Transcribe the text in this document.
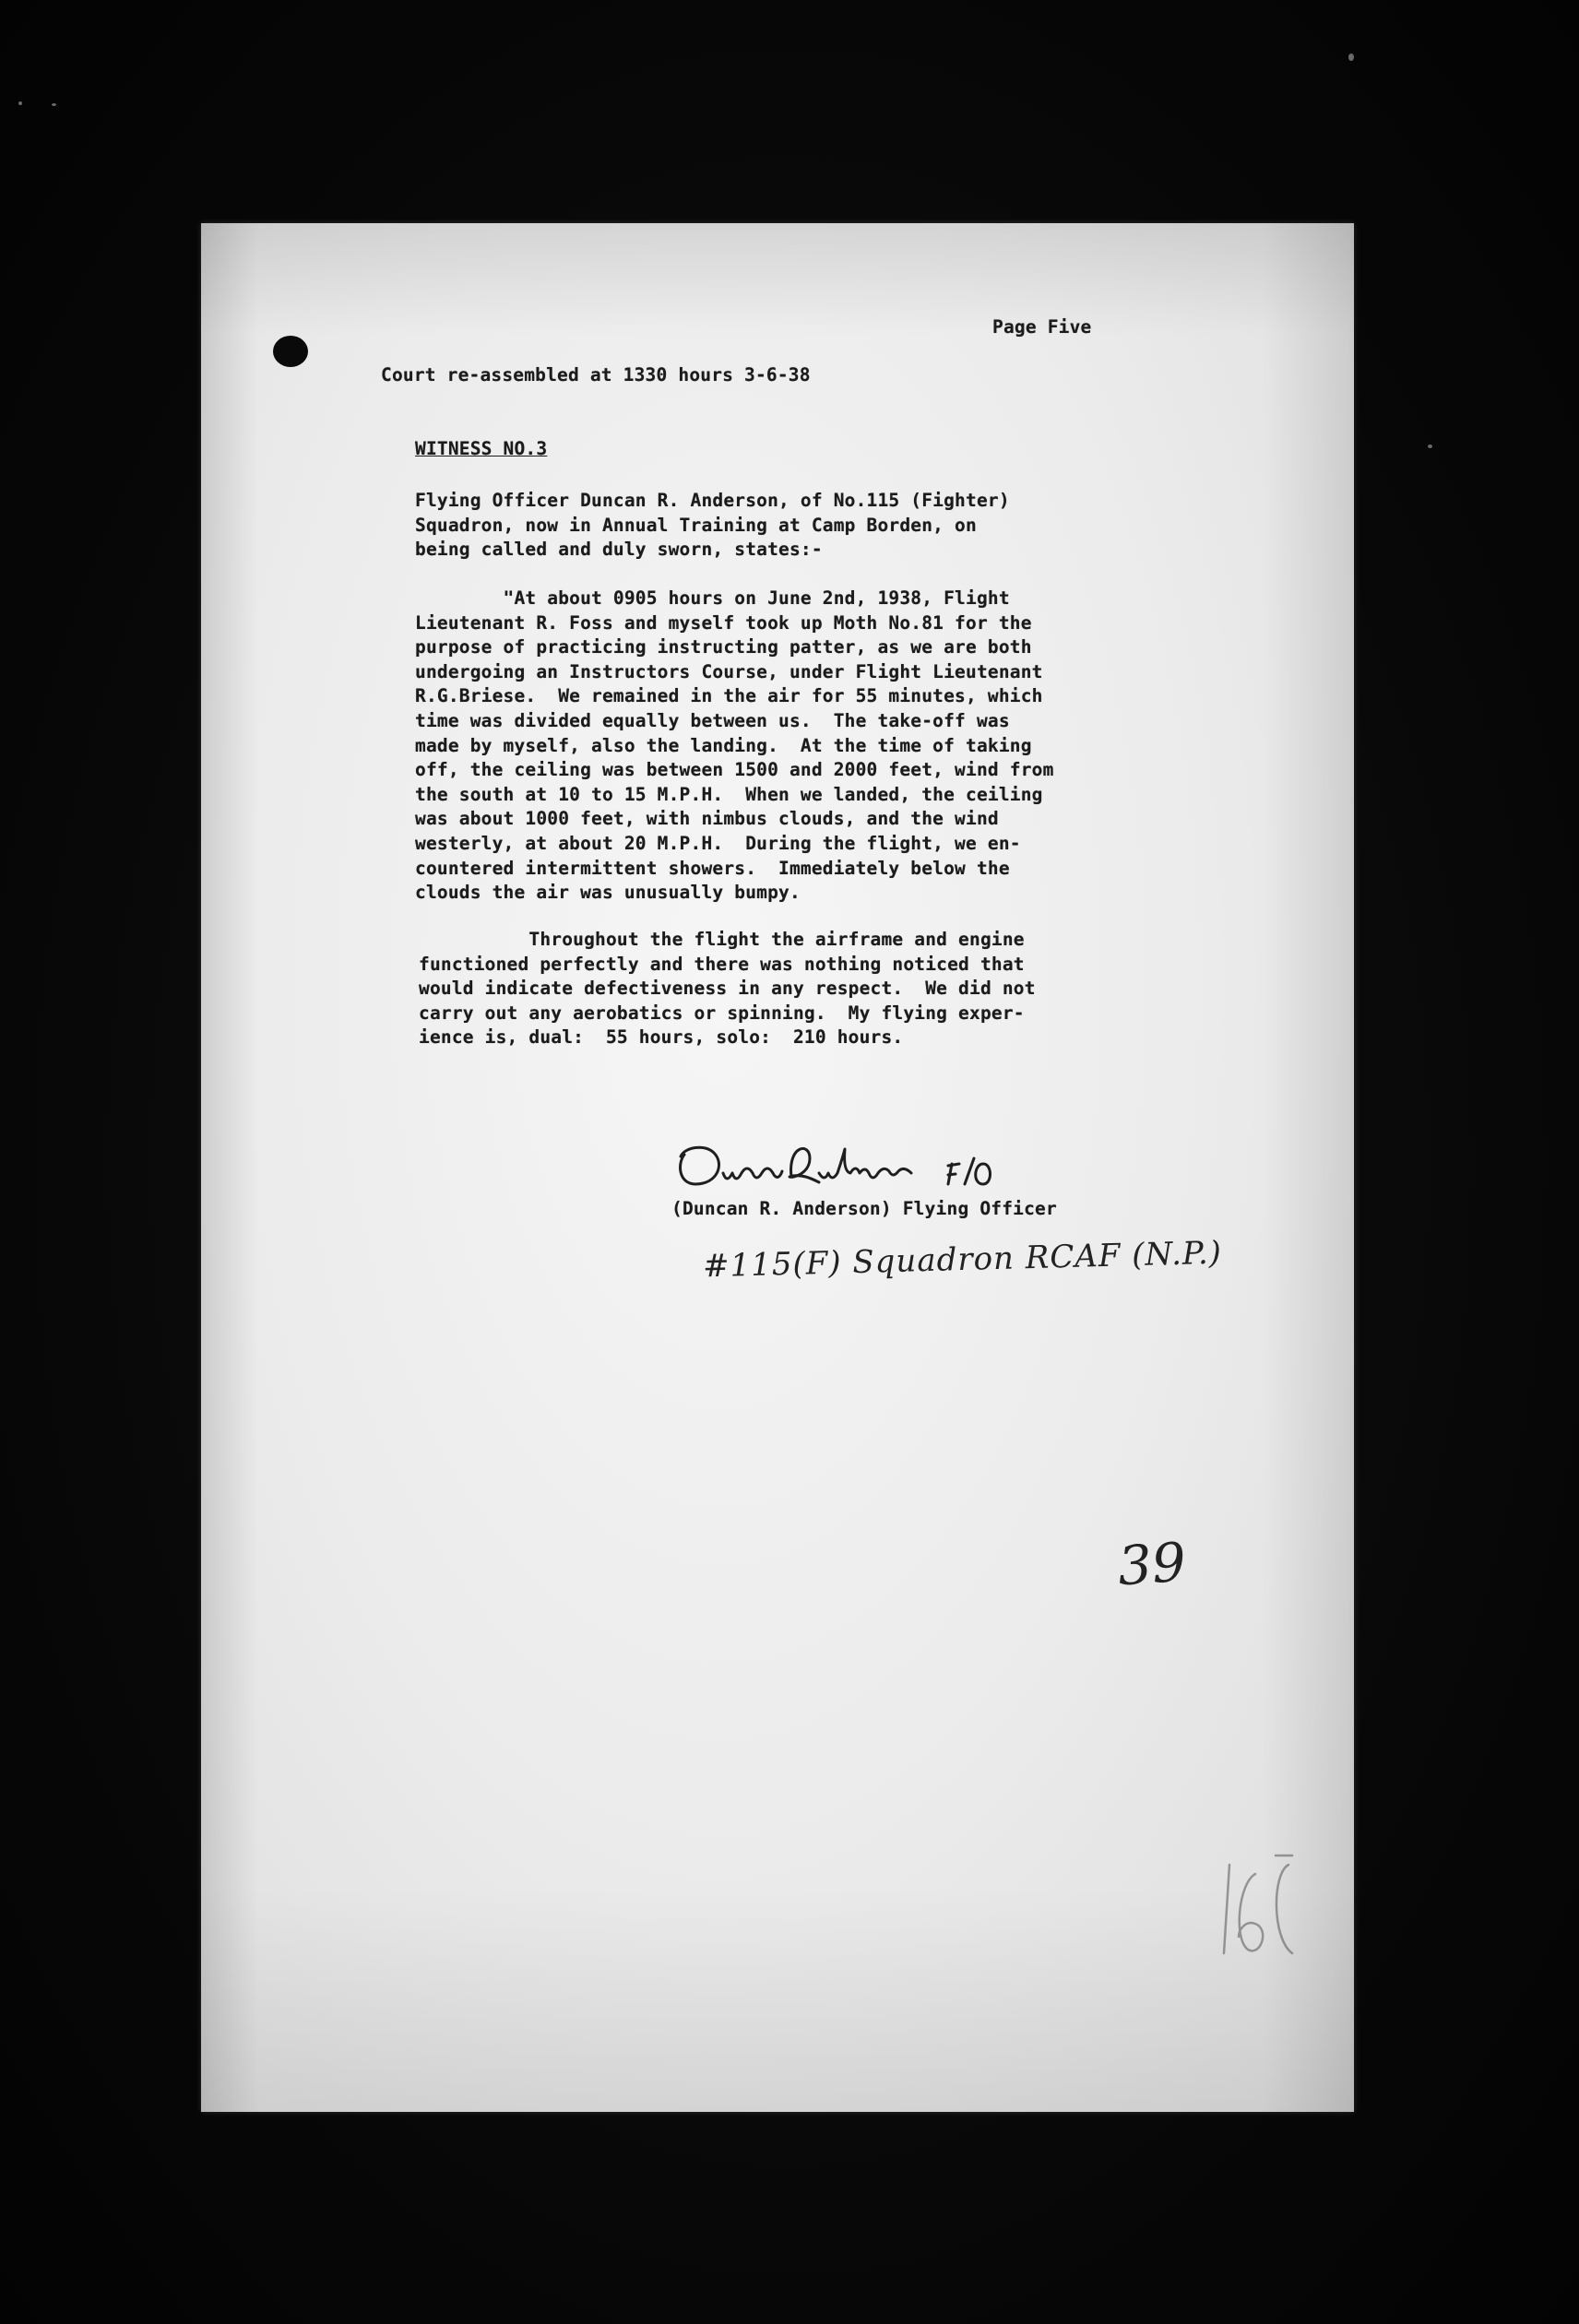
Page Five
Court re-assembled at 1330 hours 3-6-38
WITNESS NO.3
Flying Officer Duncan R. Anderson, of No.115 (Fighter)
Squadron, now in Annual Training at Camp Borden, on
being called and duly sworn, states:-
"At about 0905 hours on June 2nd, 1938, Flight
Lieutenant R. Foss and myself took up Moth No.81 for the
purpose of practicing instructing patter, as we are both
undergoing an Instructors Course, under Flight Lieutenant
R.G.Briese.  We remained in the air for 55 minutes, which
time was divided equally between us.  The take-off was
made by myself, also the landing.  At the time of taking
off, the ceiling was between 1500 and 2000 feet, wind from
the south at 10 to 15 M.P.H.  When we landed, the ceiling
was about 1000 feet, with nimbus clouds, and the wind
westerly, at about 20 M.P.H.  During the flight, we en-
countered intermittent showers.  Immediately below the
clouds the air was unusually bumpy.
Throughout the flight the airframe and engine
functioned perfectly and there was nothing noticed that
would indicate defectiveness in any respect.  We did not
carry out any aerobatics or spinning.  My flying exper-
ience is, dual:  55 hours, solo:  210 hours.
(Duncan R. Anderson) Flying Officer
#115(F) Squadron RCAF (N.P.)
39
